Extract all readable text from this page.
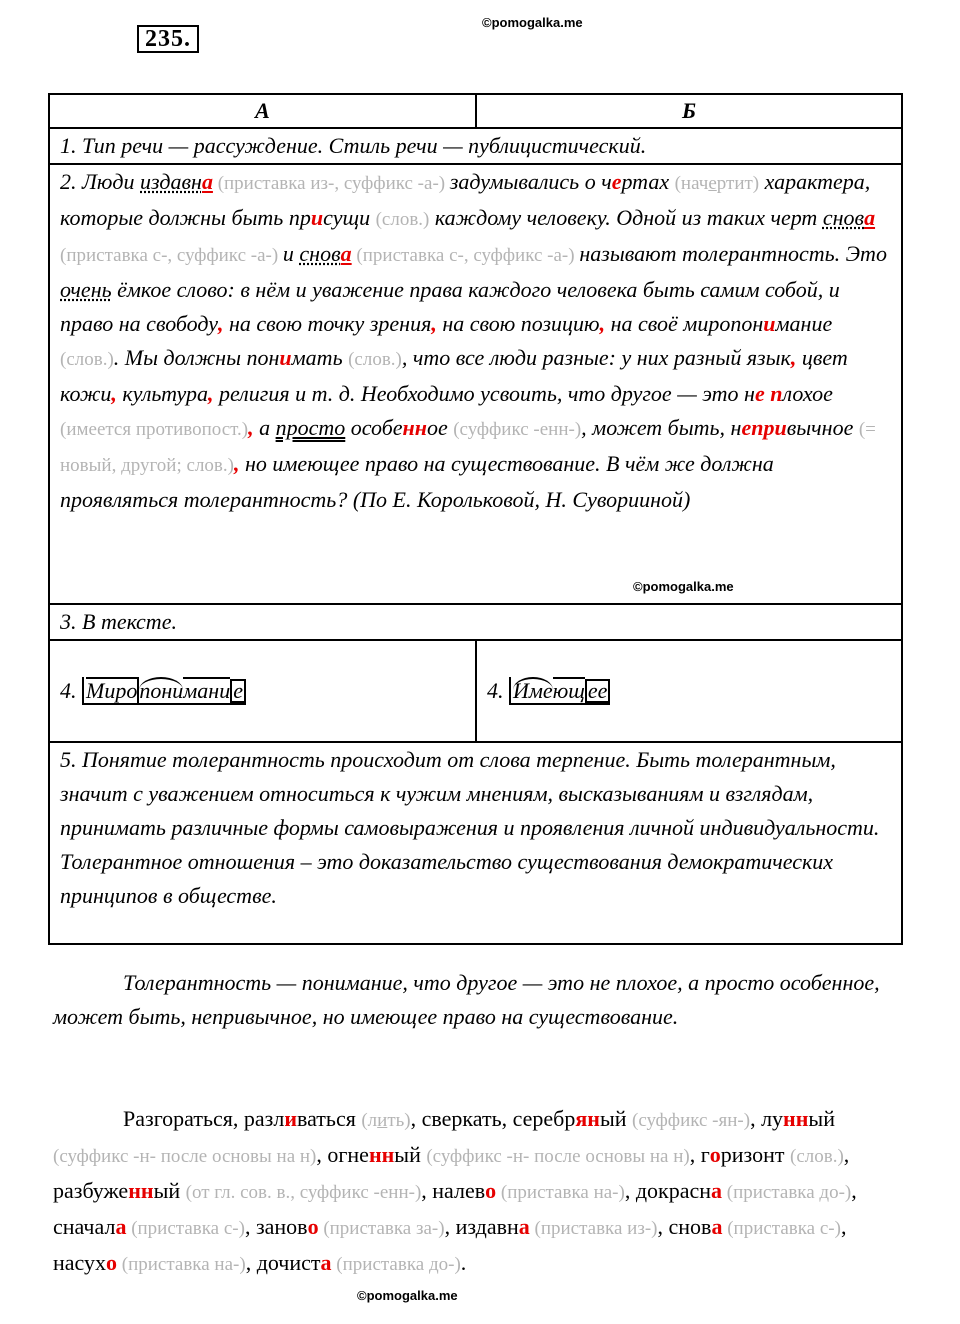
235.
©pomogalka.me
А	Б
1. Тип речи — рассуждение. Стиль речи — публицистический.	

2. Люди издавна (приставка из-, суффикс -а-) задумывались о чертах (начертит) характера, которые должны быть присущи (слов.) каждому человеку. Одной из таких черт снова (приставка с-, суффикс -а-) и снова (приставка с-, суффикс -а-) называют толерантность. Это очень ёмкое слово: в нём и уважение права каждого человека быть самим собой, и право на свободу, на свою точку зрения, на свою позицию, на своё миропонимание (слов.). Мы должны понимать (слов.), что все люди разные: у них разный язык, цвет кожи, культура, религия и т. д. Необходимо усвоить, что другое — это не плохое (имеется противопост.), а просто особенное (суффикс -енн-), может быть, непривычное (= новый, другой; слов.), но имеющее право на существование. В чём же должна проявляться толерантность? (По Е. Корольковой, Н. Суворииной)
©pomogalka.me	

3. В тексте.	
4. Миропонимани е	4. Имеющ ее
5. Понятие толерантность происходит от слова терпение. Быть толерантным, значит с уважением относиться к чужим мнениям, высказываниям и взглядам, принимать различные формы самовыражения и проявления личной индивидуальности. Толерантное отношения – это доказательство существования демократических принципов в обществе.	
Толерантность — понимание, что другое — это не плохое, а просто особенное, может быть, непривычное, но имеющее право на существование.
Разгораться, разливаться (лить), сверкать, серебряный (суффикс -ян-), лунный (суффикс -н- после основы на н), огненный (суффикс -н- после основы на н), горизонт (слов.), разбуженный (от гл. сов. в., суффикс -енн-), налево (приставка на-), докрасна (приставка до-), сначала (приставка с-), заново (приставка за-), издавна (приставка из-), снова (приставка с-), насухо (приставка на-), дочиста (приставка до-).
©pomogalka.me
